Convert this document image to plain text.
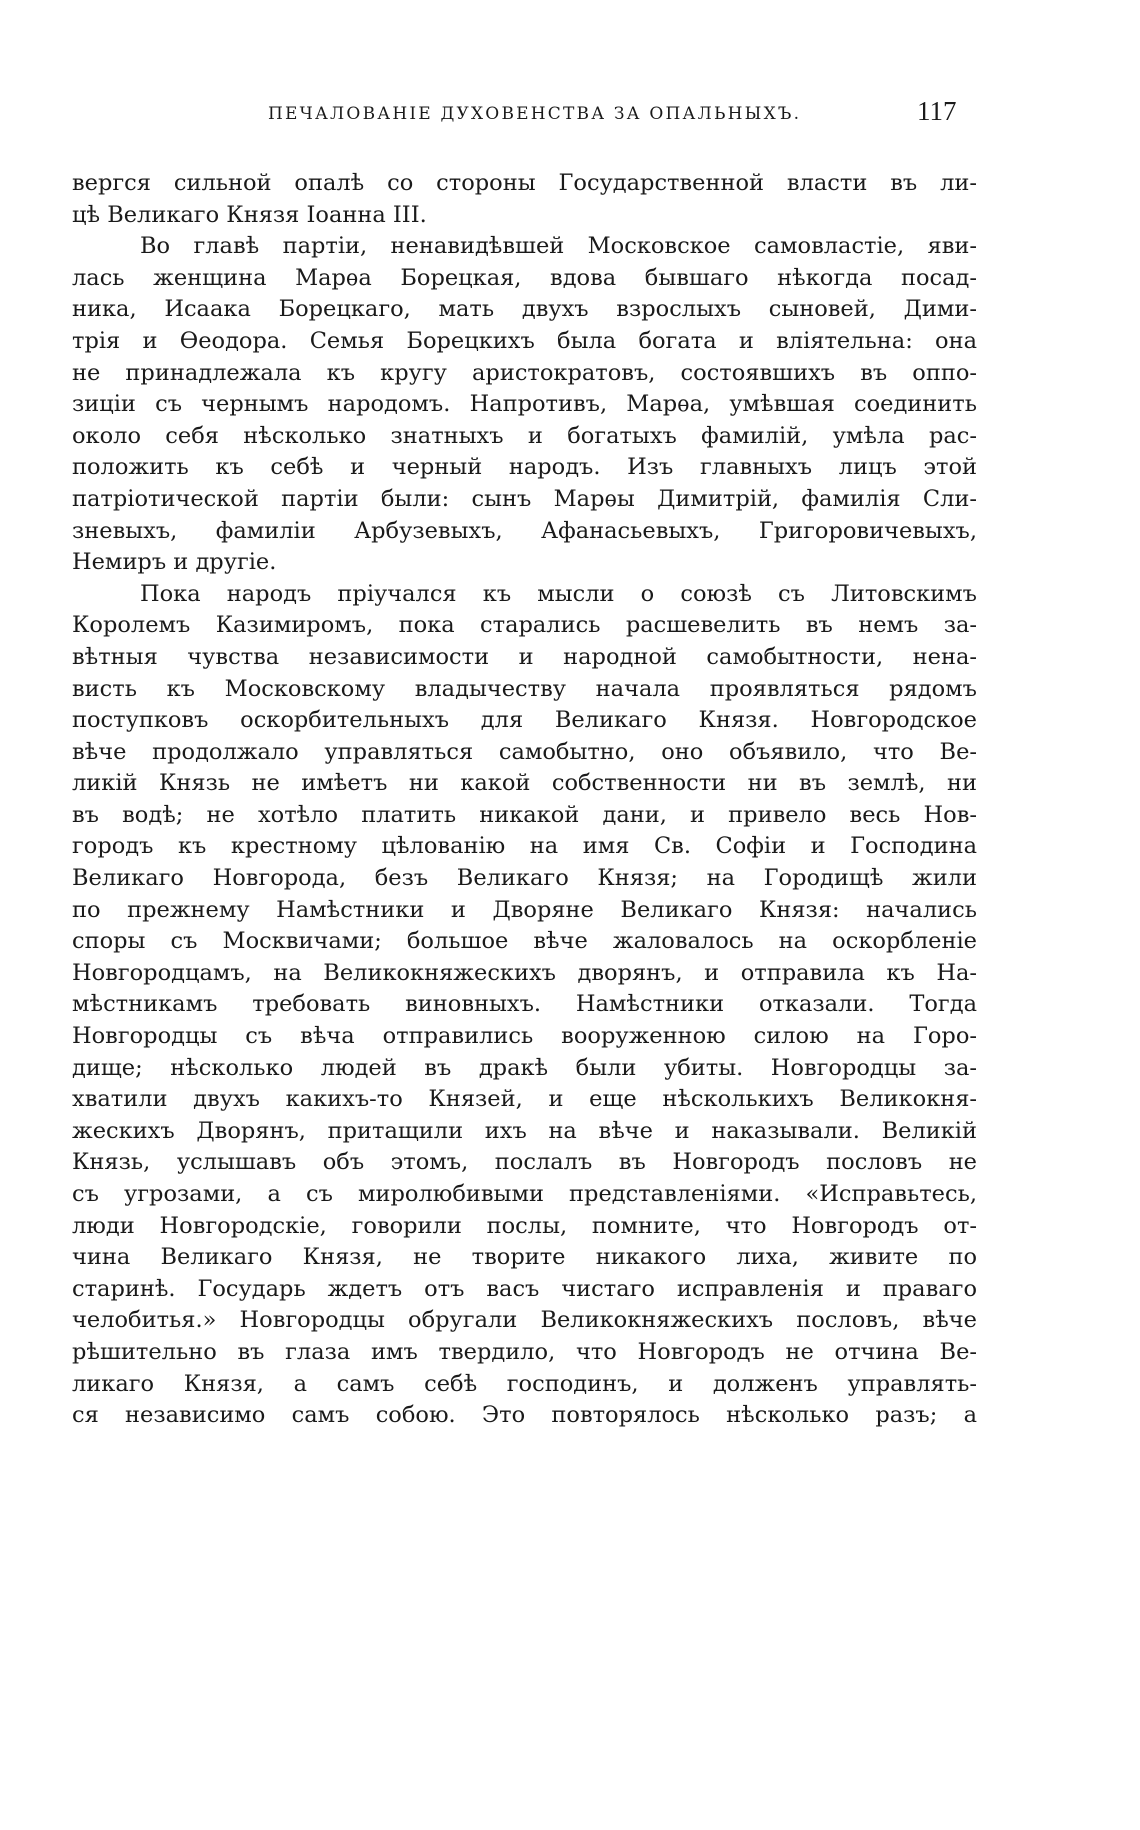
ПЕЧАЛОВАНІЕ ДУХОВЕНСТВА ЗА ОПАЛЬНЫХЪ.	117
вергся сильной опалѣ со стороны Государственной власти въ ли-
цѣ Великаго Князя Іоанна III.
Во главѣ партіи, ненавидѣвшей Московское самовластіе, яви-
лась женщина Марѳа Борецкая, вдова бывшаго нѣкогда посад-
ника, Исаака Борецкаго, мать двухъ взрослыхъ сыновей, Дими-
трія и Ѳеодора. Семья Борецкихъ была богата и вліятельна: она
не принадлежала къ кругу аристократовъ, состоявшихъ въ оппо-
зиціи съ чернымъ народомъ. Напротивъ, Марѳа, умѣвшая соединить
около себя нѣсколько знатныхъ и богатыхъ фамилій, умѣла рас-
положить къ себѣ и черный народъ. Изъ главныхъ лицъ этой
патріотической партіи были: сынъ Марѳы Димитрій, фамилія Сли-
зневыхъ, фамиліи Арбузевыхъ, Афанасьевыхъ, Григоровичевыхъ,
Немиръ и другіе.
Пока народъ пріучался къ мысли о союзѣ съ Литовскимъ
Королемъ Казимиромъ, пока старались расшевелить въ немъ за-
вѣтныя чувства независимости и народной самобытности, нена-
висть къ Московскому владычеству начала проявляться рядомъ
поступковъ оскорбительныхъ для Великаго Князя. Новгородское
вѣче продолжало управляться самобытно, оно объявило, что Ве-
ликій Князь не имѣетъ ни какой собственности ни въ землѣ, ни
въ водѣ; не хотѣло платить никакой дани, и привело весь Нов-
городъ къ крестному цѣлованію на имя Св. Софіи и Господина
Великаго Новгорода, безъ Великаго Князя; на Городищѣ жили
по прежнему Намѣстники и Дворяне Великаго Князя: начались
споры съ Москвичами; большое вѣче жаловалось на оскорбленіе
Новгородцамъ, на Великокняжескихъ дворянъ, и отправила къ На-
мѣстникамъ требовать виновныхъ. Намѣстники отказали. Тогда
Новгородцы съ вѣча отправились вооруженною силою на Горо-
дище; нѣсколько людей въ дракѣ были убиты. Новгородцы за-
хватили двухъ какихъ-то Князей, и еще нѣсколькихъ Великокня-
жескихъ Дворянъ, притащили ихъ на вѣче и наказывали. Великій
Князь, услышавъ объ этомъ, послалъ въ Новгородъ пословъ не
съ угрозами, а съ миролюбивыми представленіями. «Исправьтесь,
люди Новгородскіе, говорили послы, помните, что Новгородъ от-
чина Великаго Князя, не творите никакого лиха, живите по
старинѣ. Государь ждетъ отъ васъ чистаго исправленія и праваго
челобитья.» Новгородцы обругали Великокняжескихъ пословъ, вѣче
рѣшительно въ глаза имъ твердило, что Новгородъ не отчина Ве-
ликаго Князя, а самъ себѣ господинъ, и долженъ управлять-
ся независимо самъ собою. Это повторялось нѣсколько разъ; а
